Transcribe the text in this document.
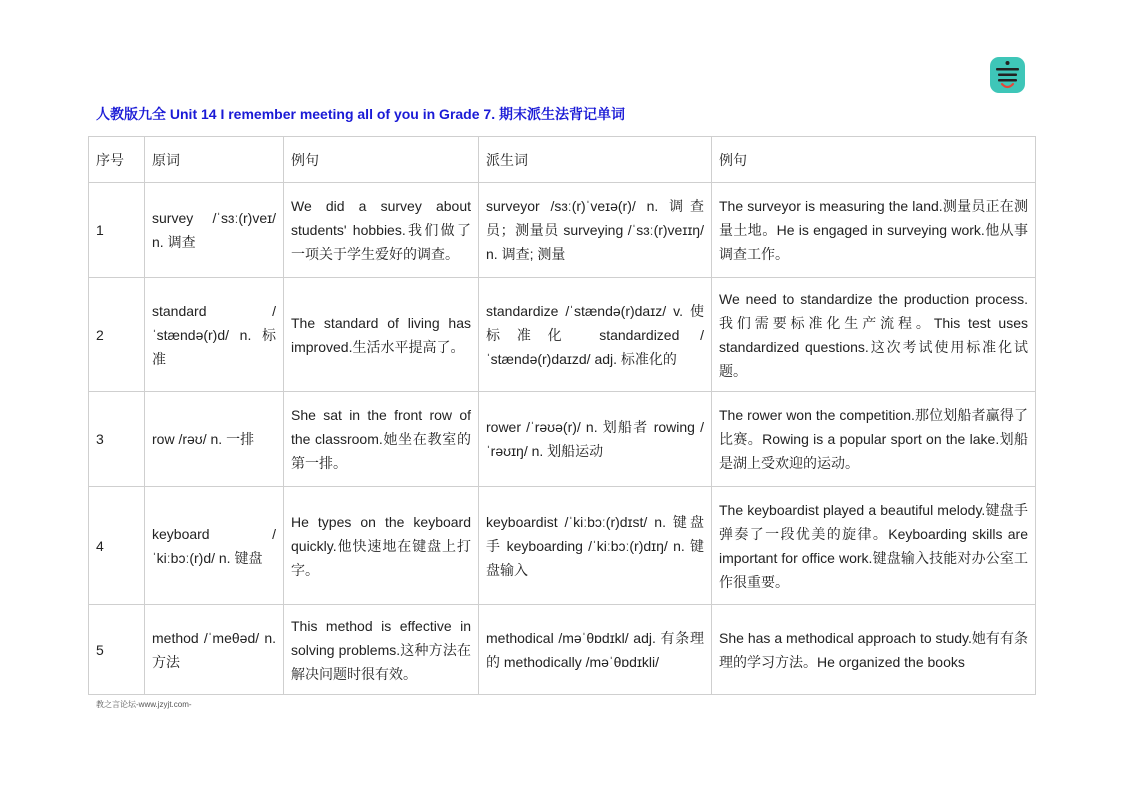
人教版九全 Unit 14 I remember meeting all of you in Grade 7. 期末派生法背记单词
序号	原词	例句	派生词	例句
1	survey /ˈsɜː(r)veɪ/ n. 调查	We did a survey about students' hobbies.我们做了一项关于学生爱好的调查。	surveyor /sɜː(r)ˈveɪə(r)/ n. 调查员；测量员 surveying /ˈsɜː(r)veɪɪŋ/ n. 调查; 测量	The surveyor is measuring the land.测量员正在测量土地。He is engaged in surveying work.他从事调查工作。
2	standard /ˈstændə(r)d/ n. 标准	The standard of living has improved.生活水平提高了。	standardize /ˈstændə(r)daɪz/ v. 使标准化 standardized /ˈstændə(r)daɪzd/ adj. 标准化的	We need to standardize the production process.我们需要标准化生产流程。This test uses standardized questions.这次考试使用标准化试题。
3	row /rəʊ/ n. 一排	She sat in the front row of the classroom.她坐在教室的第一排。	rower /ˈrəʊə(r)/ n. 划船者 rowing /ˈrəʊɪŋ/ n. 划船运动	The rower won the competition.那位划船者赢得了比赛。Rowing is a popular sport on the lake.划船是湖上受欢迎的运动。
4	keyboard /ˈkiːbɔː(r)d/ n. 键盘	He types on the keyboard quickly.他快速地在键盘上打字。	keyboardist /ˈkiːbɔː(r)dɪst/ n. 键盘手 keyboarding /ˈkiːbɔː(r)dɪŋ/ n. 键盘输入	The keyboardist played a beautiful melody.键盘手弹奏了一段优美的旋律。Keyboarding skills are important for office work.键盘输入技能对办公室工作很重要。
5	method /ˈmeθəd/ n. 方法	This method is effective in solving problems.这种方法在解决问题时很有效。	methodical /məˈθɒdɪkl/ adj. 有条理的 methodically /məˈθɒdɪkli/	She has a methodical approach to study.她有有条理的学习方法。He organized the books
教之言论坛-www.jzyjt.com-
